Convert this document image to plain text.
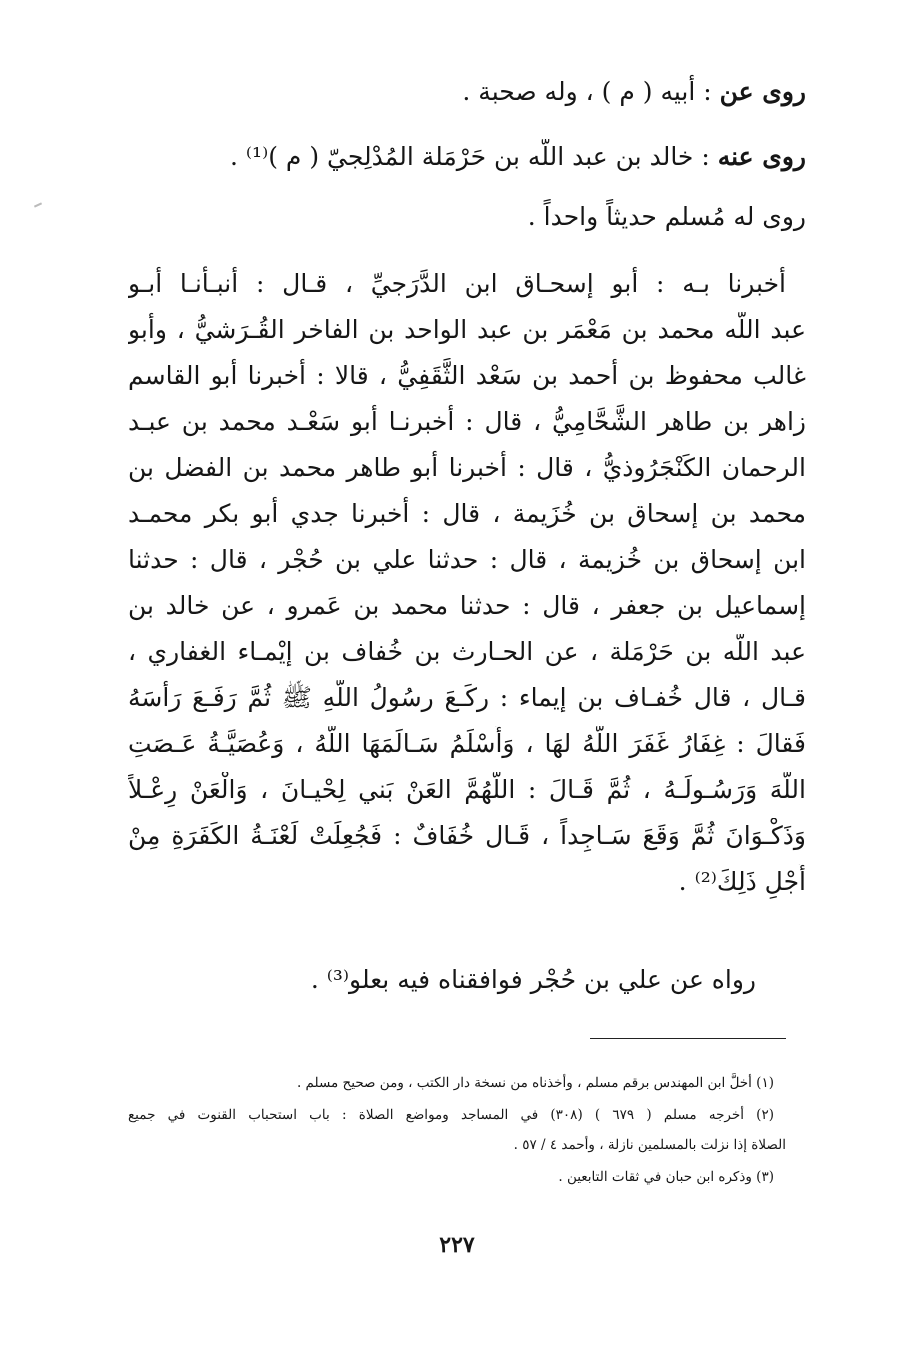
روى عن : أبيه ( م ) ، وله صحبة .
روى عنه : خالد بن عبد اللَّه بن حَرْمَلة المُدْلِجيّ ( م )⁽¹⁾ .
روى له مُسلم حديثاً واحداً .
أخبرنا بـه : أبو إسحـاق ابن الدَّرَجيِّ ، قـال : أنبـأنـا أبـو
عبد اللَّه محمد بن مَعْمَر بن عبد الواحد بن الفاخر القُـرَشيُّ ، وأبو
غالب محفوظ بن أحمد بن سَعْد الثَّقَفِيُّ ، قالا : أخبرنا أبو القاسم
زاهر بن طاهر الشَّحَّامِيُّ ، قال : أخبرنـا أبو سَعْـد محمد بن عبـد
الرحمان الكَنْجَرُوذيُّ ، قال : أخبرنا أبو طاهر محمد بن الفضل بن
محمد بن إسحاق بن خُزَيمة ، قال : أخبرنا جدي أبو بكر محمـد
ابن إسحاق بن خُزيمة ، قال : حدثنا علي بن حُجْر ، قال : حدثنا
إسماعيل بن جعفر ، قال : حدثنا محمد بن عَمرو ، عن خالد بن
عبد اللَّه بن حَرْمَلة ، عن الحـارث بن خُفاف بن إيْمـاء الغفاري ،
قـال ، قال خُفـاف بن إيماء : ركَـعَ رسُولُ اللَّهِ ﷺ ثُمَّ رَفَـعَ رَأْسَهُ
فَقالَ : غِفَارُ غَفَرَ اللَّهُ لهَا ، وَأَسْلَمُ سَـالَمَهَا اللَّهُ ، وَعُصَيَّـةُ عَـصَتِ
اللَّهَ وَرَسُـولَـهُ ، ثُمَّ قَـالَ : اللَّهُمَّ العَنْ بَني لِحْيـانَ ، وَالْعَنْ رِعْـلاً
وَذَكْـوَانَ ثُمَّ وَقَعَ سَـاجِداً ، قَـال خُفَافٌ : فَجُعِلَتْ لَعْنَـةُ الكَفَرَةِ مِنْ
أَجْلِ ذَلِكَ⁽²⁾ .
رواه عن علي بن حُجْر فوافقناه فيه بعلو⁽³⁾ .
(١) أخلَّ ابن المهندس برقم مسلم ، وأخذناه من نسخة دار الكتب ، ومن صحيح مسلم .
(٢) أخرجه مسلم ( ٦٧٩ ) (٣٠٨) في المساجد ومواضع الصلاة : باب استحباب القنوت في جميع
الصلاة إذا نزلت بالمسلمين نازلة ، وأحمد ٤ / ٥٧ .
(٣) وذكره ابن حبان في ثقات التابعين .
٢٢٧
